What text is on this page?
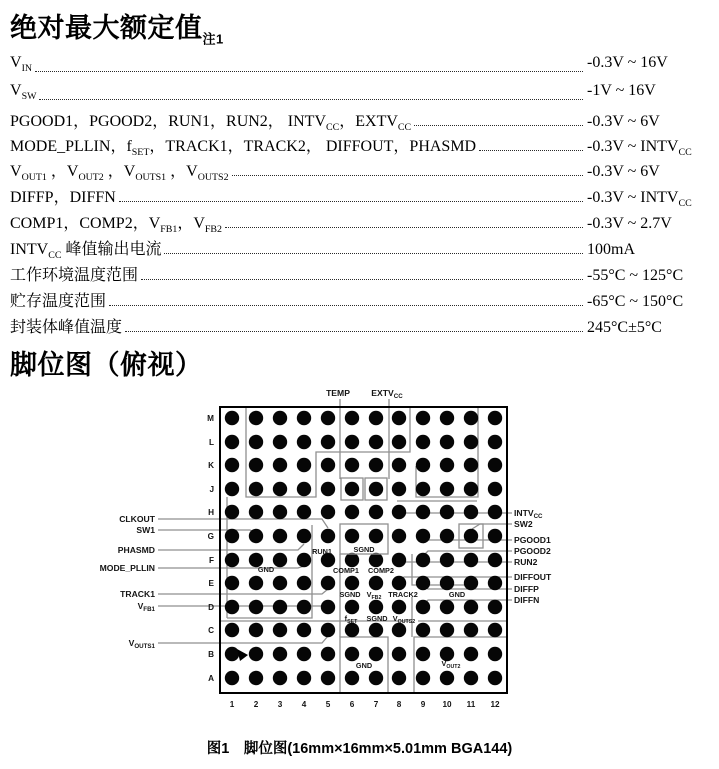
绝对最大额定值$_{注1}$
$V_{IN}$	-0.3V ~ 16V
$V_{SW}$	-1V ~ 16V
PGOOD1，PGOOD2，RUN1，RUN2， $INTV_{CC}$，$EXTV_{CC}$	-0.3V ~ 6V
MODE_PLLIN，$f_{SET}$，TRACK1，TRACK2， DIFFOUT，PHASMD	-0.3V ~ $INTV_{CC}$
$V_{OUT1}$ ，$V_{OUT2}$ ，$V_{OUTS1}$ ，$V_{OUTS2}$	-0.3V ~ 6V
DIFFP，DIFFN	-0.3V ~ $INTV_{CC}$
COMP1，COMP2，$V_{FB1}$，$V_{FB2}$	-0.3V ~ 2.7V
$INTV_{CC}$ 峰值输出电流	100mA
工作环境温度范围	-55°C ~ 125°C
贮存温度范围	-65°C ~ 150°C
封装体峰值温度	245°C±5°C
脚位图（俯视）
M
L
K
J
H
G
F
E
D
C
B
A
1 2 3 4 5 6 7 8 9 10 11 12
TEMP $EXTV_{CC}$
CLKOUT
SW1
PHASMD
MODE_PLLIN
TRACK1
$V_{FB1}$
$V_{OUTS1}$
$INTV_{CC}$
SW2
PGOOD1
PGOOD2
RUN2
DIFFOUT
DIFFP
DIFFN
RUN1	SGND
GND	COMP1 COMP2
SGND $V_{FB2}$ TRACK2	GND
$f_{SET}$ SGND $V_{OUTS2}$
GND	$V_{OUT2}$

图1　脚位图(16mm×16mm×5.01mm BGA144)
